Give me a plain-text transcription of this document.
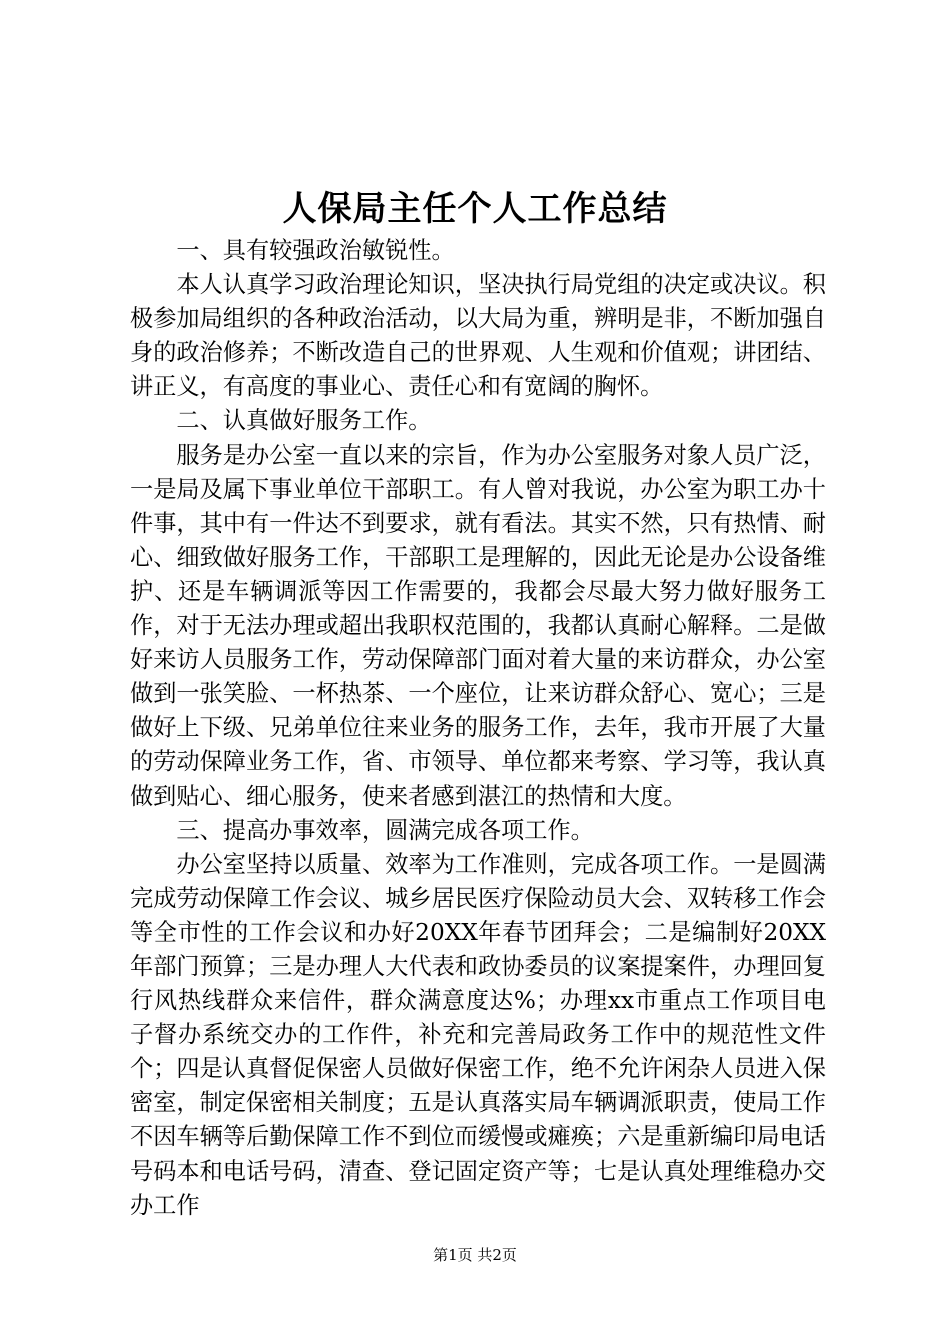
人保局主任个人工作总结

一、具有较强政治敏锐性。

本人认真学习政治理论知识，坚决执行局党组的决定或决议。积极参加局组织的各种政治活动，以大局为重，辨明是非，不断加强自身的政治修养；不断改造自己的世界观、人生观和价值观；讲团结、讲正义，有高度的事业心、责任心和有宽阔的胸怀。

二、认真做好服务工作。

服务是办公室一直以来的宗旨，作为办公室服务对象人员广泛，一是局及属下事业单位干部职工。有人曾对我说，办公室为职工办十件事，其中有一件达不到要求，就有看法。其实不然，只有热情、耐心、细致做好服务工作，干部职工是理解的，因此无论是办公设备维护、还是车辆调派等因工作需要的，我都会尽最大努力做好服务工作，对于无法办理或超出我职权范围的，我都认真耐心解释。二是做好来访人员服务工作，劳动保障部门面对着大量的来访群众，办公室做到一张笑脸、一杯热茶、一个座位，让来访群众舒心、宽心；三是做好上下级、兄弟单位往来业务的服务工作，去年，我市开展了大量的劳动保障业务工作，省、市领导、单位都来考察、学习等，我认真做到贴心、细心服务，使来者感到湛江的热情和大度。

三、提高办事效率，圆满完成各项工作。

办公室坚持以质量、效率为工作准则，完成各项工作。一是圆满完成劳动保障工作会议、城乡居民医疗保险动员大会、双转移工作会等全市性的工作会议和办好20XX年春节团拜会；二是编制好20XX年部门预算；三是办理人大代表和政协委员的议案提案件，办理回复行风热线群众来信件，群众满意度达%；办理xx市重点工作项目电子督办系统交办的工作件，补充和完善局政务工作中的规范性文件个；四是认真督促保密人员做好保密工作，绝不允许闲杂人员进入保密室，制定保密相关制度；五是认真落实局车辆调派职责，使局工作不因车辆等后勤保障工作不到位而缓慢或瘫痪；六是重新编印局电话号码本和电话号码，清查、登记固定资产等；七是认真处理维稳办交办工作

第1页 共2页
